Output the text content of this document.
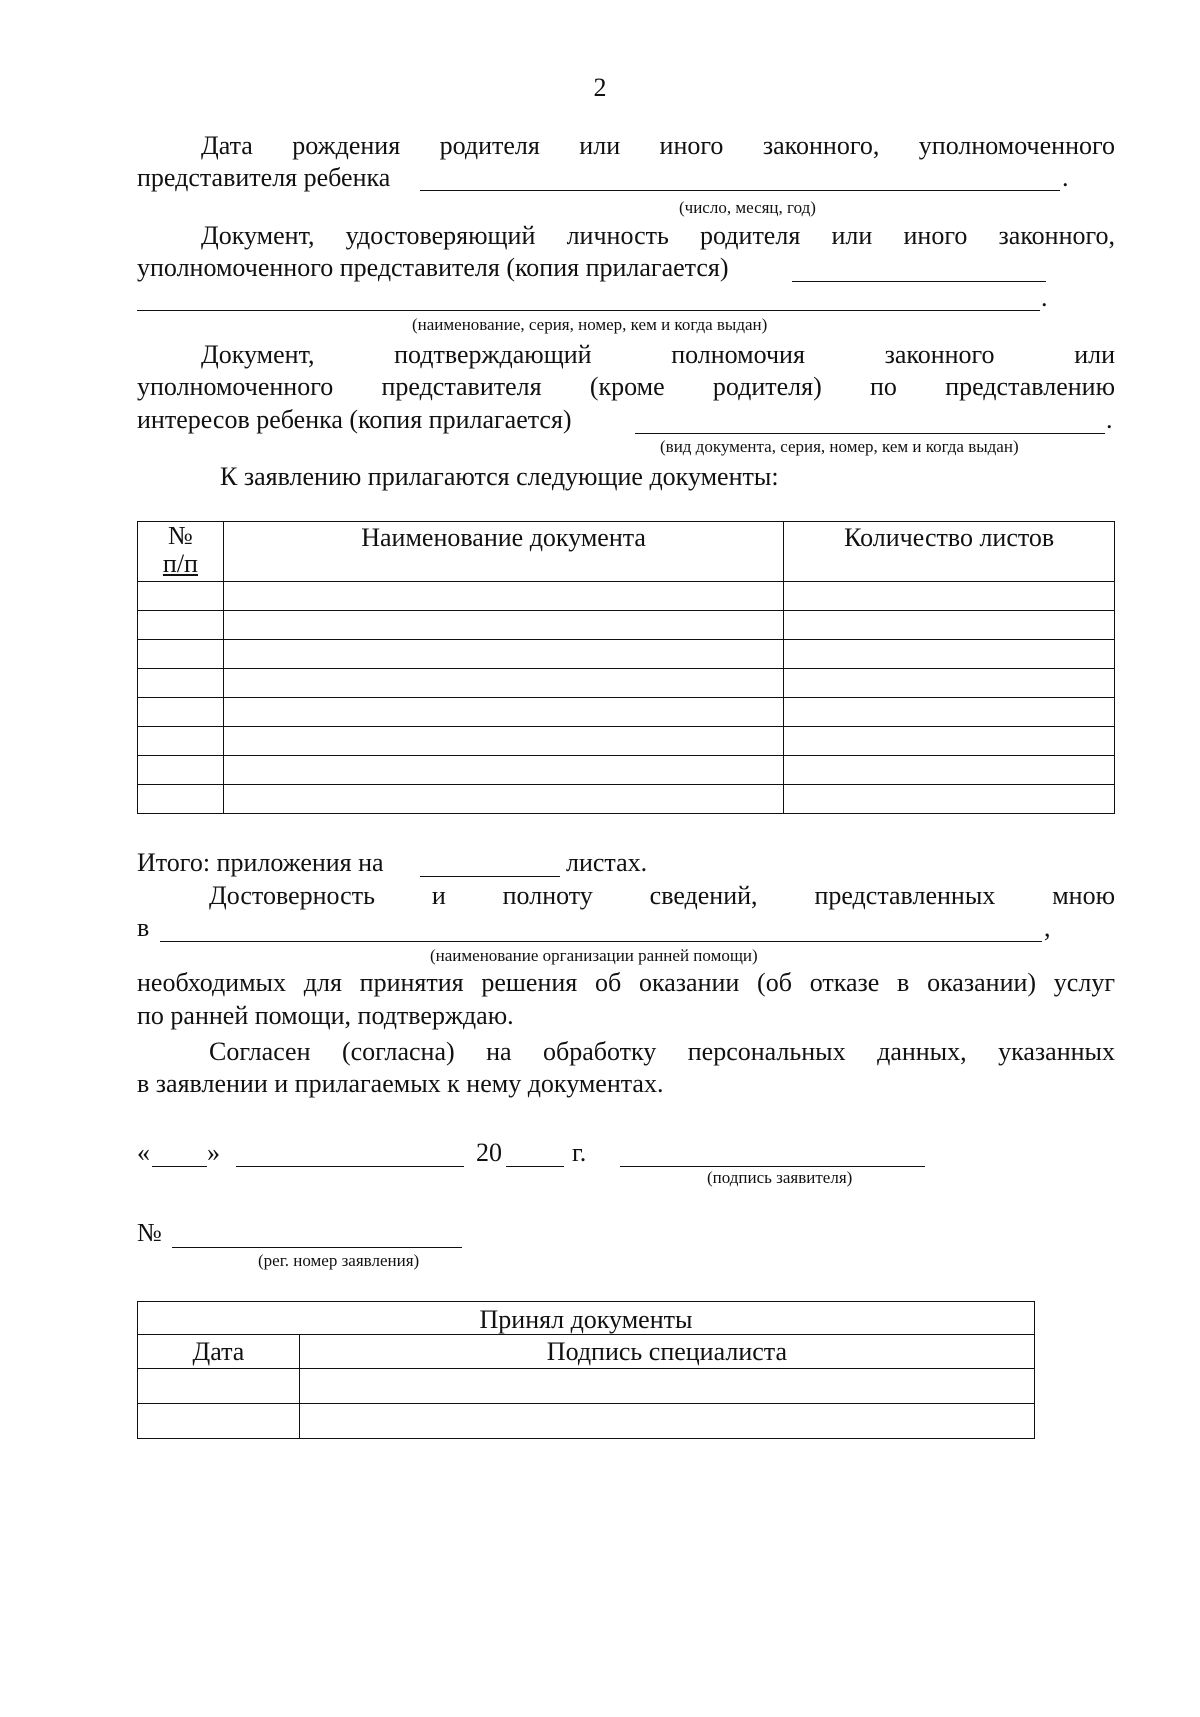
2
Дата рождения родителя или иного законного, уполномоченного
представителя ребенка	.
(число, месяц, год)
Документ, удостоверяющий личность родителя или иного законного,
уполномоченного представителя (копия прилагается)
.
(наименование, серия, номер, кем и когда выдан)
Документ, подтверждающий полномочия законного или
уполномоченного представителя (кроме родителя) по представлению
интересов ребенка (копия прилагается)	.
(вид документа, серия, номер, кем и когда выдан)
К заявлению прилагаются следующие документы:
№
п/п	Наименование документа	Количество листов

Итого: приложения на	листах.
Достоверность и полноту сведений, представленных мною
в	,
(наименование организации ранней помощи)
необходимых для принятия решения об оказании (об отказе в оказании) услуг
по ранней помощи, подтверждаю.
Согласен (согласна) на обработку персональных данных, указанных
в заявлении и прилагаемых к нему документах.
« »	20	г.
(подпись заявителя)
№
(рег. номер заявления)
Принял документы	
Дата	Подпись специалиста
